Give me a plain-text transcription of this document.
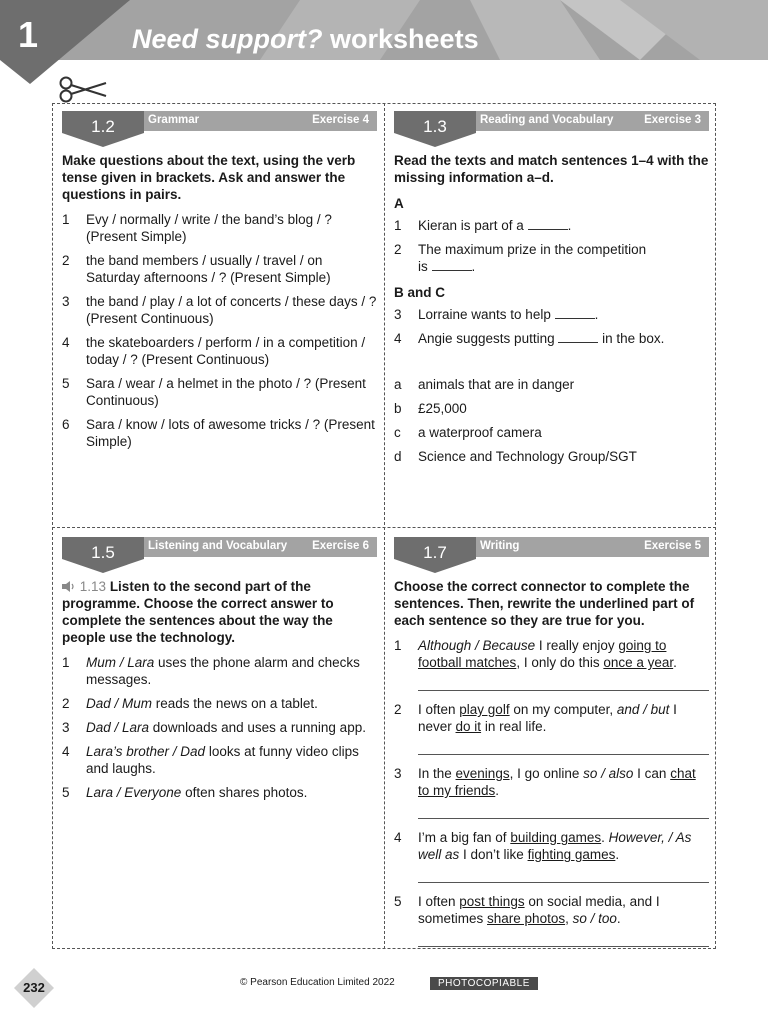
1	Need support? worksheets
1.2	Grammar	Exercise 4
Make questions about the text, using the verb tense given in brackets. Ask and answer the questions in pairs.
1 Evy / normally / write / the band’s blog / ? (Present Simple)
2 the band members / usually / travel / on Saturday afternoons / ? (Present Simple)
3 the band / play / a lot of concerts / these days / ? (Present Continuous)
4 the skateboarders / perform / in a competition / today / ? (Present Continuous)
5 Sara / wear / a helmet in the photo / ? (Present Continuous)
6 Sara / know / lots of awesome tricks / ? (Present Simple)
1.3	Reading and Vocabulary	Exercise 3
Read the texts and match sentences 1–4 with the missing information a–d.
A
1 Kieran is part of a	.
2 The maximum prize in the competition
is	.
B and C
3 Lorraine wants to help	.
4 Angie suggests putting	in the box.
a animals that are in danger
b £25,000
c a waterproof camera
d Science and Technology Group/SGT
1.5	Listening and Vocabulary Exercise 6
1.13 Listen to the second part of the programme. Choose the correct answer to complete the sentences about the way the people use the technology.
1 Mum / Lara uses the phone alarm and checks messages.
2 Dad / Mum reads the news on a tablet.
3 Dad / Lara downloads and uses a running app.
4 Lara’s brother / Dad looks at funny video clips and laughs.
5 Lara / Everyone often shares photos.
1.7	Writing	Exercise 5
Choose the correct connector to complete the sentences. Then, rewrite the underlined part of each sentence so they are true for you.
1 Although / Because I really enjoy going to football matches, I only do this once a year.
2 I often play golf on my computer, and / but I never do it in real life.
3 In the evenings, I go online so / also I can chat to my friends.
4 I’m a big fan of building games. However, / As well as I don’t like fighting games.
5 I often post things on social media, and I sometimes share photos, so / too.
232	© Pearson Education Limited 2022	PHOTOCOPIABLE
